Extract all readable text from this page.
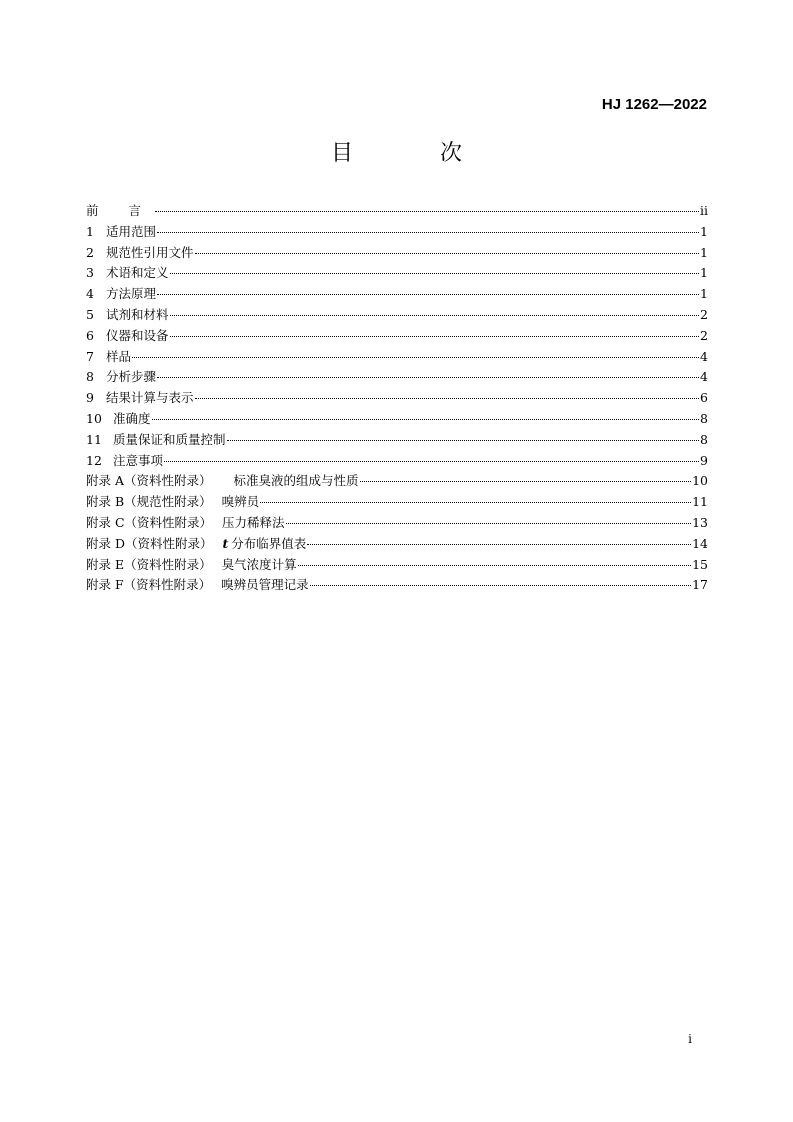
HJ 1262—2022
目 次
前 言	ii
1 适用范围	1
2 规范性引用文件	1
3 术语和定义	1
4 方法原理	1
5 试剂和材料	2
6 仪器和设备	2
7 样品	4
8 分析步骤	4
9 结果计算与表示	6
10 准确度	8
11 质量保证和质量控制	8
12 注意事项	9
附录 A（资料性附录） 标准臭液的组成与性质	10
附录 B（规范性附录） 嗅辨员	11
附录 C（资料性附录） 压力稀释法	13
附录 D（资料性附录） t 分布临界值表	14
附录 E（资料性附录） 臭气浓度计算	15
附录 F（资料性附录） 嗅辨员管理记录	17
i
